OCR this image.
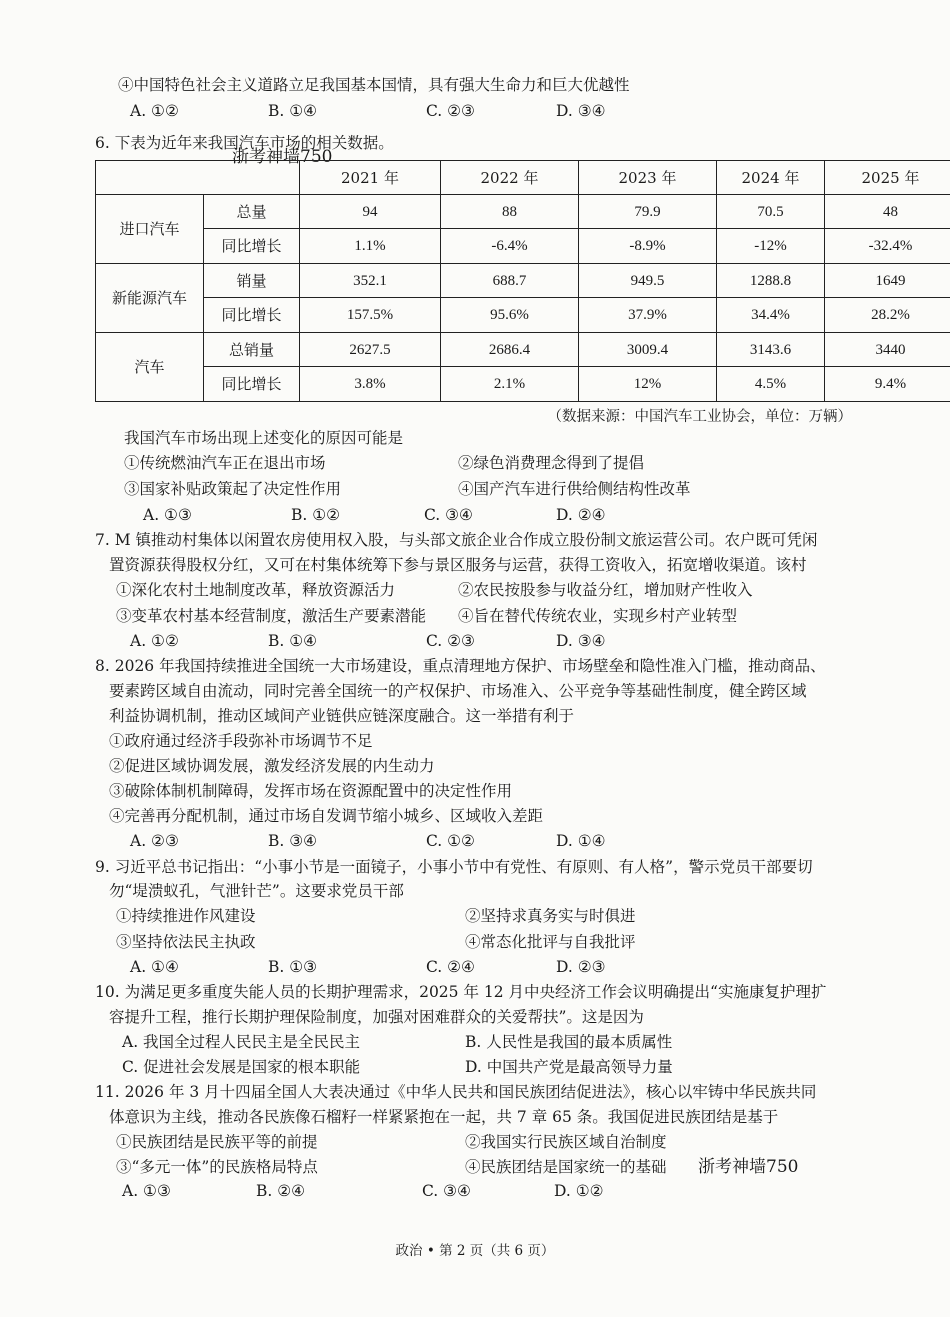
④中国特色社会主义道路立足我国基本国情，具有强大生命力和巨大优越性
A. ①②	B. ①④	C. ②③	D. ③④
6. 下表为近年来我国汽车市场的相关数据。
浙考神墙750
		2021 年	2022 年	2023 年	2024 年	2025 年
进口汽车	总量	94	88	79.9	70.5	48
	同比增长	1.1%	-6.4%	-8.9%	-12%	-32.4%
新能源汽车	销量	352.1	688.7	949.5	1288.8	1649
	同比增长	157.5%	95.6%	37.9%	34.4%	28.2%
汽车	总销量	2627.5	2686.4	3009.4	3143.6	3440
	同比增长	3.8%	2.1%	12%	4.5%	9.4%
（数据来源：中国汽车工业协会，单位：万辆）
我国汽车市场出现上述变化的原因可能是
①传统燃油汽车正在退出市场	②绿色消费理念得到了提倡
③国家补贴政策起了决定性作用	④国产汽车进行供给侧结构性改革
A. ①③	B. ①②	C. ③④	D. ②④
7. M 镇推动村集体以闲置农房使用权入股，与头部文旅企业合作成立股份制文旅运营公司。农户既可凭闲
置资源获得股权分红，又可在村集体统筹下参与景区服务与运营，获得工资收入，拓宽增收渠道。该村
①深化农村土地制度改革，释放资源活力	②农民按股参与收益分红，增加财产性收入
③变革农村基本经营制度，激活生产要素潜能 ④旨在替代传统农业，实现乡村产业转型
A. ①②	B. ①④	C. ②③	D. ③④
8. 2026 年我国持续推进全国统一大市场建设，重点清理地方保护、市场壁垒和隐性准入门槛，推动商品、
要素跨区域自由流动，同时完善全国统一的产权保护、市场准入、公平竞争等基础性制度，健全跨区域
利益协调机制，推动区域间产业链供应链深度融合。这一举措有利于
①政府通过经济手段弥补市场调节不足
②促进区域协调发展，激发经济发展的内生动力
③破除体制机制障碍，发挥市场在资源配置中的决定性作用
④完善再分配机制，通过市场自发调节缩小城乡、区域收入差距
A. ②③	B. ③④	C. ①②	D. ①④
9. 习近平总书记指出：“小事小节是一面镜子，小事小节中有党性、有原则、有人格”，警示党员干部要切
勿“堤溃蚁孔，气泄针芒”。这要求党员干部
①持续推进作风建设	②坚持求真务实与时俱进
③坚持依法民主执政	④常态化批评与自我批评
A. ①④	B. ①③	C. ②④	D. ②③
10. 为满足更多重度失能人员的长期护理需求，2025 年 12 月中央经济工作会议明确提出“实施康复护理扩
容提升工程，推行长期护理保险制度，加强对困难群众的关爱帮扶”。这是因为
A. 我国全过程人民民主是全民民主	B. 人民性是我国的最本质属性
C. 促进社会发展是国家的根本职能	D. 中国共产党是最高领导力量
11. 2026 年 3 月十四届全国人大表决通过《中华人民共和国民族团结促进法》，核心以牢铸中华民族共同
体意识为主线，推动各民族像石榴籽一样紧紧抱在一起，共 7 章 65 条。我国促进民族团结是基于
①民族团结是民族平等的前提	②我国实行民族区域自治制度
③“多元一体”的民族格局特点	④民族团结是国家统一的基础 浙考神墙750
A. ①③	B. ②④	C. ③④	D. ①②
政治 • 第 2 页（共 6 页）
